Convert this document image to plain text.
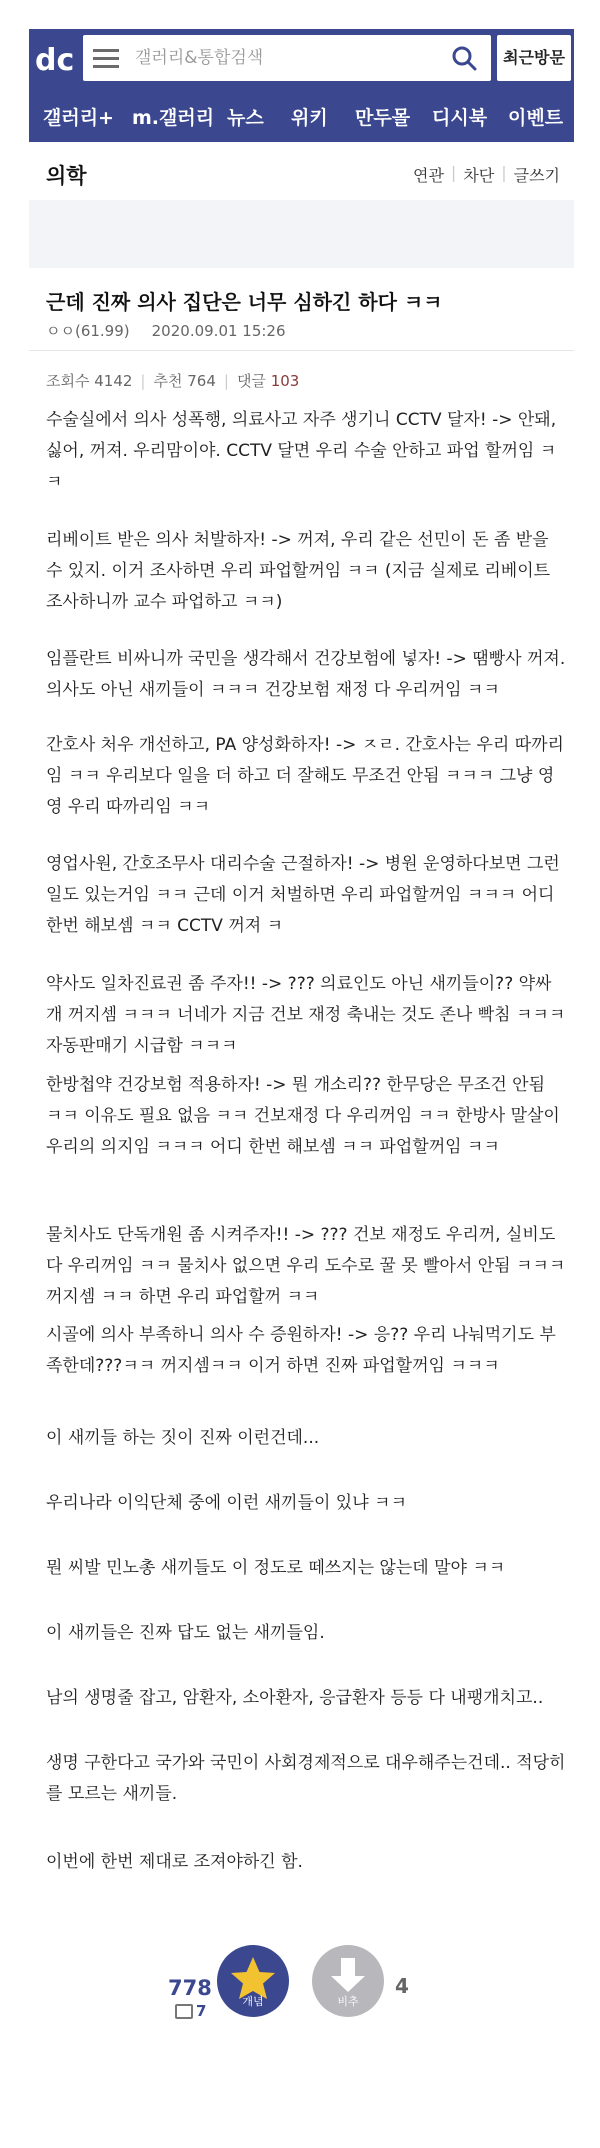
dc	갤러리&통합검색	최근방문
갤러리+ m.갤러리 뉴스 위키 만두몰 디시북 이벤트
의학	연관 | 차단 | 글쓰기
근데 진짜 의사 집단은 너무 심하긴 하다 ㅋㅋ
ㅇㅇ(61.99) 2020.09.01 15:26
조회수 4142 | 추천 764 | 댓글 103

수술실에서 의사 성폭행, 의료사고 자주 생기니 CCTV 달자! -> 안돼, 싫어, 꺼져. 우리맘이야. CCTV 달면 우리 수술 안하고 파업 할꺼임 ㅋㅋ

리베이트 받은 의사 처발하자! -> 꺼져, 우리 같은 선민이 돈 좀 받을 수 있지. 이거 조사하면 우리 파업할꺼임 ㅋㅋ (지금 실제로 리베이트 조사하니까 교수 파업하고 ㅋㅋ)

임플란트 비싸니까 국민을 생각해서 건강보험에 넣자! -> 땜빵사 꺼져. 의사도 아닌 새끼들이 ㅋㅋㅋ 건강보험 재정 다 우리꺼임 ㅋㅋ

간호사 처우 개선하고, PA 양성화하자! -> ㅈㄹ. 간호사는 우리 따까리임 ㅋㅋ 우리보다 일을 더 하고 더 잘해도 무조건 안됨 ㅋㅋㅋ 그냥 영영 우리 따까리임 ㅋㅋ

영업사원, 간호조무사 대리수술 근절하자! -> 병원 운영하다보면 그런 일도 있는거임 ㅋㅋ 근데 이거 처벌하면 우리 파업할꺼임 ㅋㅋㅋ 어디 한번 해보셈 ㅋㅋ CCTV 꺼져 ㅋ

약사도 일차진료권 좀 주자!! -> ??? 의료인도 아닌 새끼들이?? 약싸개 꺼지셈 ㅋㅋㅋ 너네가 지금 건보 재정 축내는 것도 존나 빡침 ㅋㅋㅋ 자동판매기 시급함 ㅋㅋㅋ

한방첩약 건강보험 적용하자! -> 뭔 개소리?? 한무당은 무조건 안됨 ㅋㅋ 이유도 필요 없음 ㅋㅋ 건보재정 다 우리꺼임 ㅋㅋ 한방사 말살이 우리의 의지임 ㅋㅋㅋ 어디 한번 해보셈 ㅋㅋ 파업할꺼임 ㅋㅋ

물치사도 단독개원 좀 시켜주자!! -> ??? 건보 재정도 우리꺼, 실비도 다 우리꺼임 ㅋㅋ 물치사 없으면 우리 도수로 꿀 못 빨아서 안됨 ㅋㅋㅋ 꺼지셈 ㅋㅋ 하면 우리 파업할꺼 ㅋㅋ

시골에 의사 부족하니 의사 수 증원하자! -> 응?? 우리 나눠먹기도 부족한데???ㅋㅋ 꺼지셈ㅋㅋ 이거 하면 진짜 파업할꺼임 ㅋㅋㅋ

이 새끼들 하는 짓이 진짜 이런건데...

우리나라 이익단체 중에 이런 새끼들이 있냐 ㅋㅋ

뭔 씨발 민노총 새끼들도 이 정도로 떼쓰지는 않는데 말야 ㅋㅋ

이 새끼들은 진짜 답도 없는 새끼들임.

남의 생명줄 잡고, 암환자, 소아환자, 응급환자 등등 다 내팽개치고..

생명 구한다고 국가와 국민이 사회경제적으로 대우해주는건데.. 적당히를 모르는 새끼들.

이번에 한번 제대로 조져야하긴 함.

778
7
개념	비추
4
